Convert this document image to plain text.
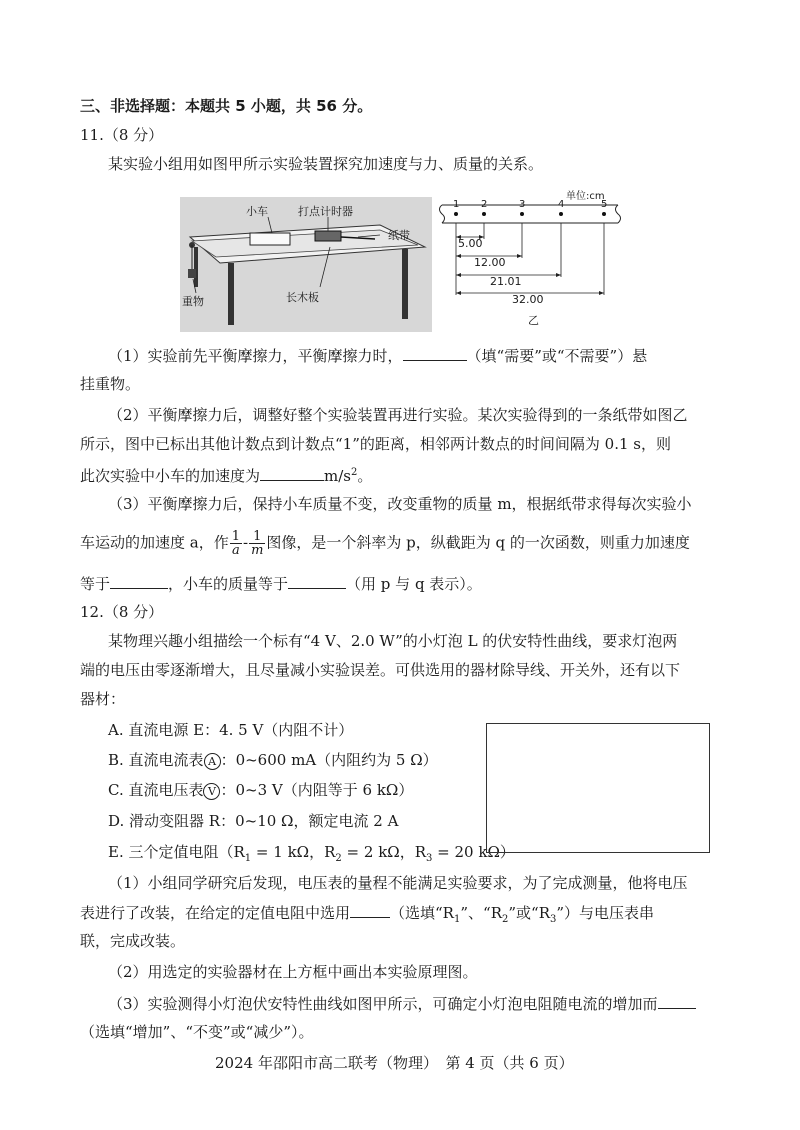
三、非选择题：本题共 5 小题，共 56 分。
11.（8 分）
某实验小组用如图甲所示实验装置探究加速度与力、质量的关系。
小车	打点计时器
纸带
重物	长木板
单位:cm
1 2	3	4	5
5.00
12.00
21.01
32.00
乙
（1）实验前先平衡摩擦力，平衡摩擦力时，	（填“需要”或“不需要”）悬
挂重物。
（2）平衡摩擦力后，调整好整个实验装置再进行实验。某次实验得到的一条纸带如图乙
所示，图中已标出其他计数点到计数点“1”的距离，相邻两计数点的时间间隔为 0.1 s，则
此次实验中小车的加速度为	$m/s^2$。
（3）平衡摩擦力后，保持小车质量不变，改变重物的质量 m，根据纸带求得每次实验小
车运动的加速度 a，作 $\frac{1}{a} - \frac{1}{m}$ 图像，是一个斜率为 p，纵截距为 q 的一次函数，则重力加速度
等于	，小车的质量等于	（用 p 与 q 表示）。
12.（8 分）
某物理兴趣小组描绘一个标有“4 V、2.0 W”的小灯泡 L 的伏安特性曲线，要求灯泡两
端的电压由零逐渐增大，且尽量减小实验误差。可供选用的器材除导线、开关外，还有以下
器材：
A. 直流电源 E：4. 5 V（内阻不计）
B. 直流电流表 A ：0~600 mA（内阻约为 5 Ω）
C. 直流电压表 V ：0~3 V（内阻等于 6 kΩ）
D. 滑动变阻器 R：0~10 Ω，额定电流 2 A
E. 三个定值电阻（$R_1 = 1$ kΩ，$R_2 = 2$ kΩ，$R_3 = 20$ kΩ）
（1）小组同学研究后发现，电压表的量程不能满足实验要求，为了完成测量，他将电压
表进行了改装，在给定的定值电阻中选用	（选填“$R_1$”、“$R_2$”或“$R_3$”）与电压表串
联，完成改装。
（2）用选定的实验器材在上方框中画出本实验原理图。
（3）实验测得小灯泡伏安特性曲线如图甲所示，可确定小灯泡电阻随电流的增加而
（选填“增加”、“不变”或“减少”）。
2024 年邵阳市高二联考（物理）　第 4 页（共 6 页）
